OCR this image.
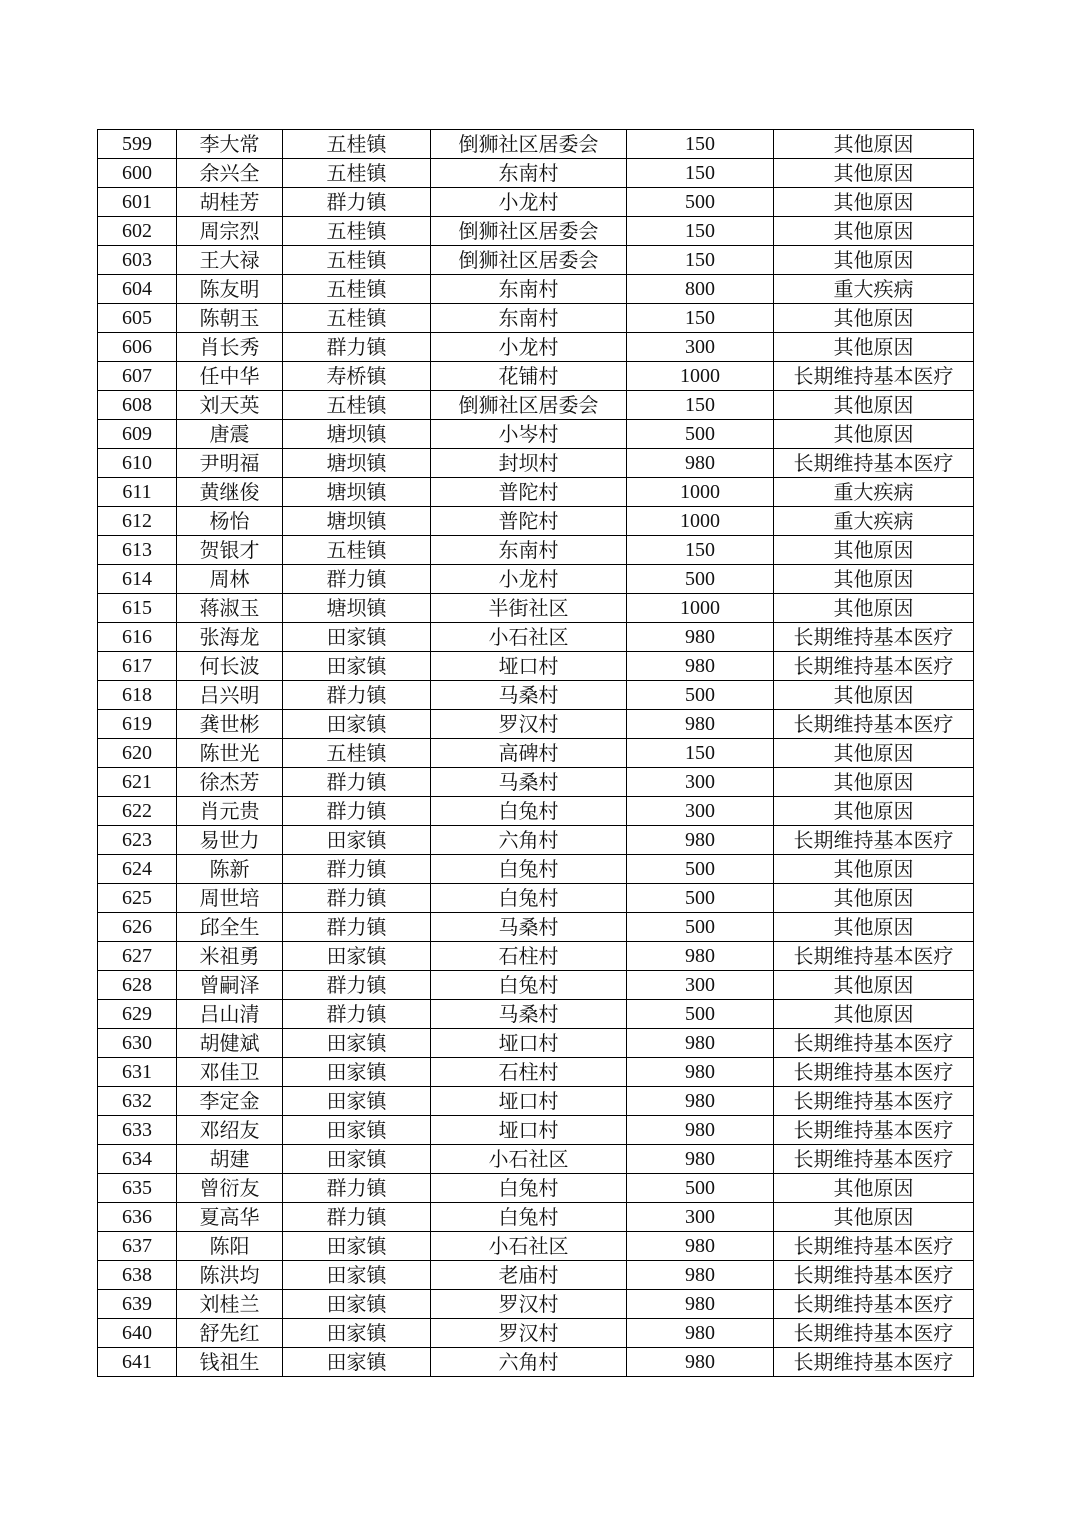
599	李大常	五桂镇	倒狮社区居委会	150	其他原因
600	余兴全	五桂镇	东南村	150	其他原因
601	胡桂芳	群力镇	小龙村	500	其他原因
602	周宗烈	五桂镇	倒狮社区居委会	150	其他原因
603	王大禄	五桂镇	倒狮社区居委会	150	其他原因
604	陈友明	五桂镇	东南村	800	重大疾病
605	陈朝玉	五桂镇	东南村	150	其他原因
606	肖长秀	群力镇	小龙村	300	其他原因
607	任中华	寿桥镇	花铺村	1000	长期维持基本医疗
608	刘天英	五桂镇	倒狮社区居委会	150	其他原因
609	唐震	塘坝镇	小岑村	500	其他原因
610	尹明福	塘坝镇	封坝村	980	长期维持基本医疗
611	黄继俊	塘坝镇	普陀村	1000	重大疾病
612	杨怡	塘坝镇	普陀村	1000	重大疾病
613	贺银才	五桂镇	东南村	150	其他原因
614	周林	群力镇	小龙村	500	其他原因
615	蒋淑玉	塘坝镇	半街社区	1000	其他原因
616	张海龙	田家镇	小石社区	980	长期维持基本医疗
617	何长波	田家镇	垭口村	980	长期维持基本医疗
618	吕兴明	群力镇	马桑村	500	其他原因
619	龚世彬	田家镇	罗汉村	980	长期维持基本医疗
620	陈世光	五桂镇	高碑村	150	其他原因
621	徐杰芳	群力镇	马桑村	300	其他原因
622	肖元贵	群力镇	白兔村	300	其他原因
623	易世力	田家镇	六角村	980	长期维持基本医疗
624	陈新	群力镇	白兔村	500	其他原因
625	周世培	群力镇	白兔村	500	其他原因
626	邱全生	群力镇	马桑村	500	其他原因
627	米祖勇	田家镇	石柱村	980	长期维持基本医疗
628	曾嗣泽	群力镇	白兔村	300	其他原因
629	吕山清	群力镇	马桑村	500	其他原因
630	胡健斌	田家镇	垭口村	980	长期维持基本医疗
631	邓佳卫	田家镇	石柱村	980	长期维持基本医疗
632	李定金	田家镇	垭口村	980	长期维持基本医疗
633	邓绍友	田家镇	垭口村	980	长期维持基本医疗
634	胡建	田家镇	小石社区	980	长期维持基本医疗
635	曾衍友	群力镇	白兔村	500	其他原因
636	夏高华	群力镇	白兔村	300	其他原因
637	陈阳	田家镇	小石社区	980	长期维持基本医疗
638	陈洪均	田家镇	老庙村	980	长期维持基本医疗
639	刘桂兰	田家镇	罗汉村	980	长期维持基本医疗
640	舒先红	田家镇	罗汉村	980	长期维持基本医疗
641	钱祖生	田家镇	六角村	980	长期维持基本医疗
